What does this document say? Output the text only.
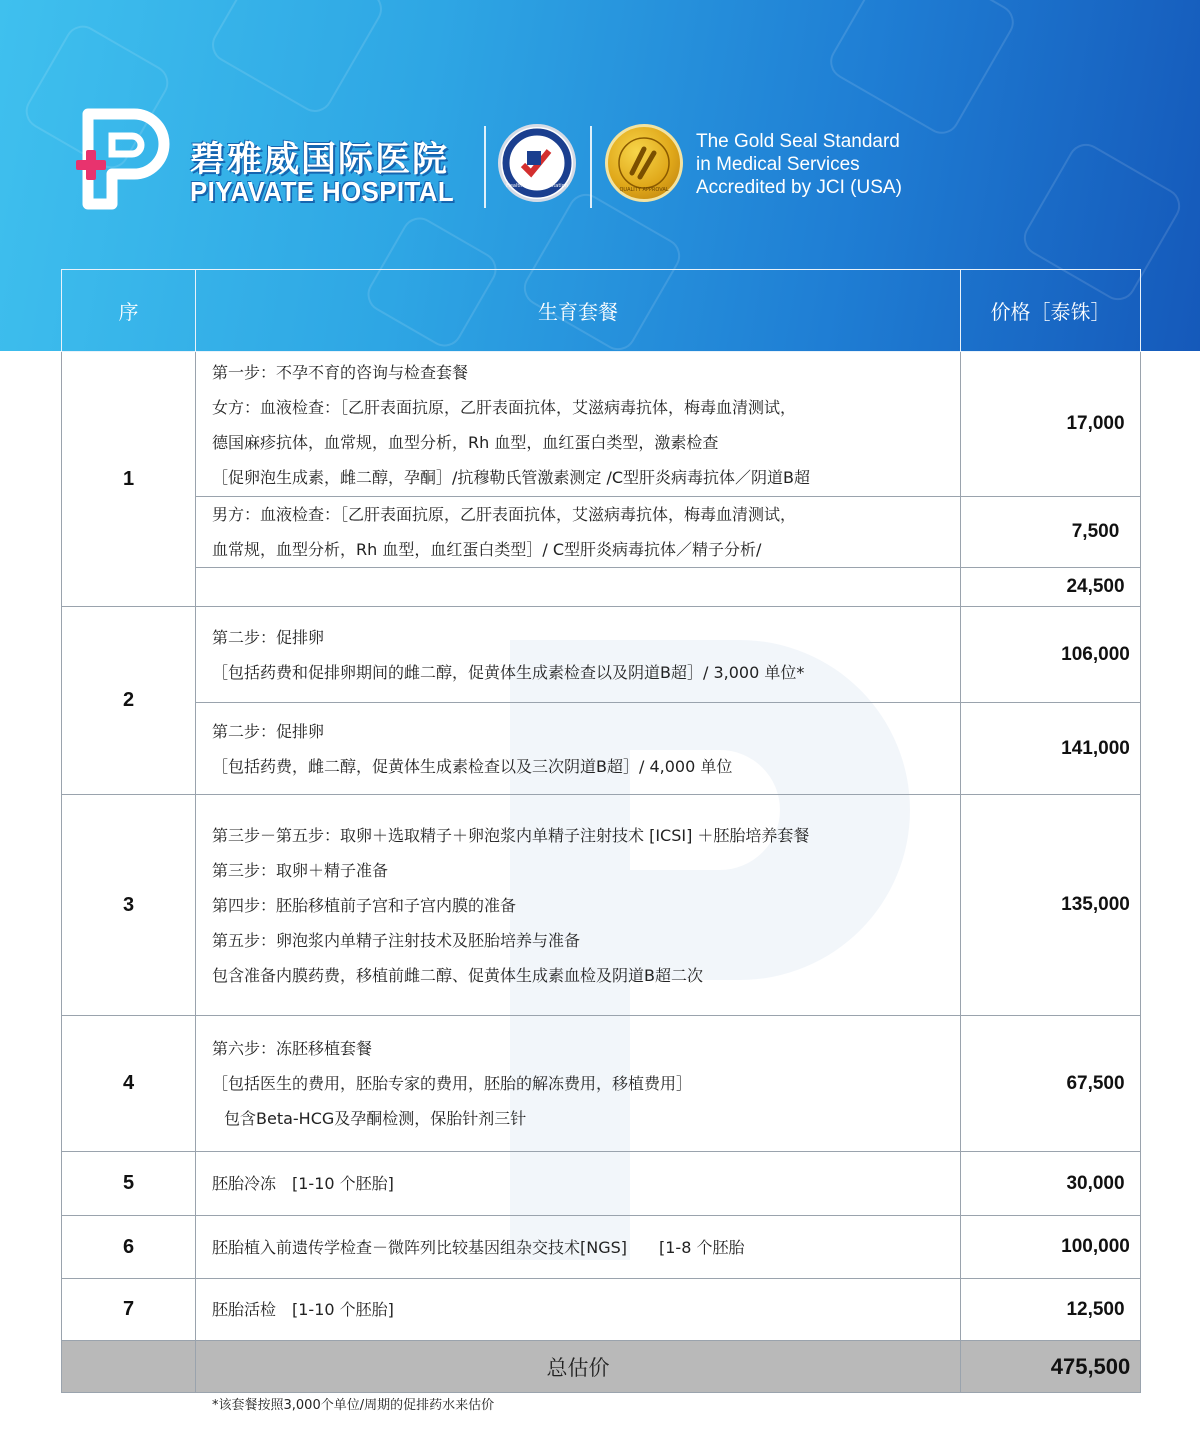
碧雅威国际医院
PIYAVATE HOSPITAL	Healthcare Accreditation
QUALITY APPROVAL
The Gold Seal Standard
in Medical Services
Accredited by JCI (USA)
序	生育套餐	价格［泰铢］
1	第一步：不孕不育的咨询与检查套餐
女方：血液检查：［乙肝表面抗原，乙肝表面抗体，艾滋病毒抗体，梅毒血清测试，
德国麻疹抗体，血常规，血型分析，Rh 血型，血红蛋白类型，激素检查
［促卵泡生成素，雌二醇，孕酮］/抗穆勒氏管激素测定 /C型肝炎病毒抗体／阴道B超	17,000

	男方：血液检查：［乙肝表面抗原，乙肝表面抗体，艾滋病毒抗体，梅毒血清测试，
血常规，血型分析，Rh 血型，血红蛋白类型］/ C型肝炎病毒抗体／精子分析/	7,500
		24,500
2	第二步：促排卵
［包括药费和促排卵期间的雌二醇，促黄体生成素检查以及阴道B超］/ 3,000 单位*	106,000

	第二步：促排卵
［包括药费，雌二醇，促黄体生成素检查以及三次阴道B超］/ 4,000 单位	141,000
3	第三步－第五步：取卵＋选取精子＋卵泡浆内单精子注射技术 [ICSI] ＋胚胎培养套餐
第三步：取卵＋精子准备
第四步：胚胎移植前子宫和子宫内膜的准备
第五步：卵泡浆内单精子注射技术及胚胎培养与准备
包含准备内膜药费，移植前雌二醇、促黄体生成素血检及阴道B超二次	135,000
4	第六步：冻胚移植套餐
［包括医生的费用，胚胎专家的费用，胚胎的解冻费用，移植费用］
包含Beta-HCG及孕酮检测，保胎针剂三针	67,500
5	胚胎冷冻　[1-10 个胚胎]	30,000
6	胚胎植入前遗传学检查－微阵列比较基因组杂交技术[NGS]　　[1-8 个胚胎	100,000
7	胚胎活检　[1-10 个胚胎]	12,500
	总估价	475,500
*该套餐按照3,000个单位/周期的促排药水来估价
